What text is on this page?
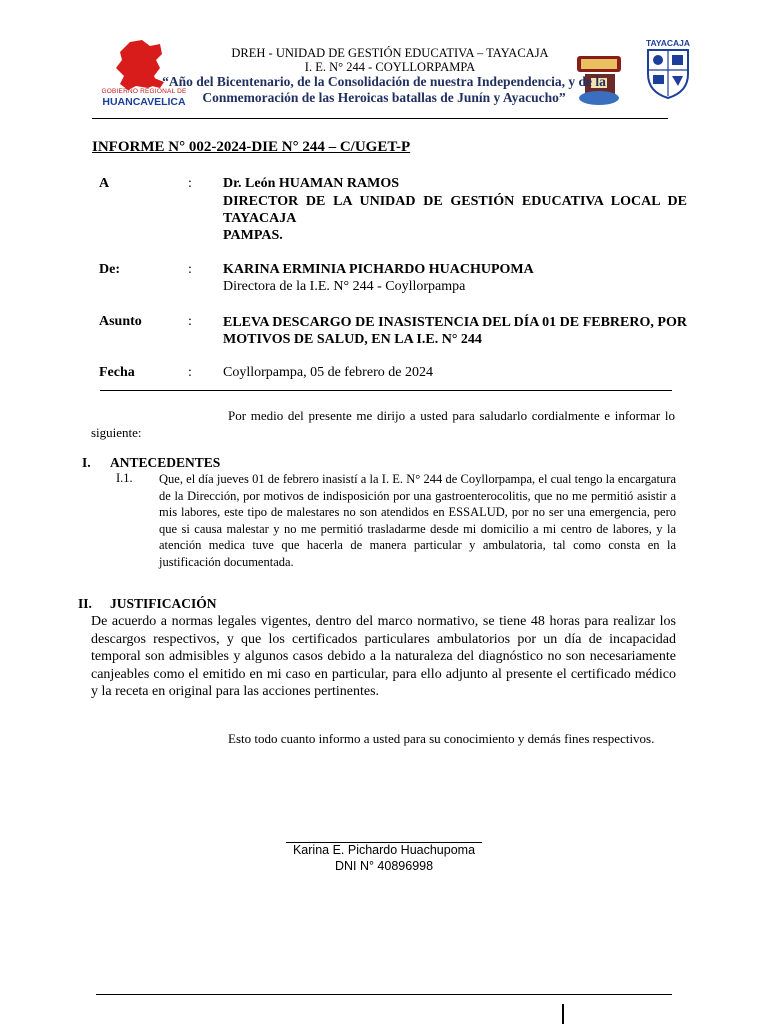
GOBIERNO REGIONAL DE
HUANCAVELICA
TAYACAJA
DREH - UNIDAD DE GESTIÓN EDUCATIVA – TAYACAJA
I. E. N° 244 - COYLLORPAMPA
“Año del Bicentenario, de la Consolidación de nuestra Independencia, y de la
Conmemoración de las Heroicas batallas de Junín y Ayacucho”
INFORME N° 002-2024-DIE N° 244 – C/UGET-P
A	: Dr. León HUAMAN RAMOS
DIRECTOR DE LA UNIDAD DE GESTIÓN EDUCATIVA LOCAL DE TAYACAJA
PAMPAS.
De:	: KARINA ERMINIA PICHARDO HUACHUPOMA
Directora de la I.E. N° 244 - Coyllorpampa
Asunto	: ELEVA DESCARGO DE INASISTENCIA DEL DÍA 01 DE FEBRERO, POR MOTIVOS DE SALUD, EN LA I.E. N° 244
Fecha	: Coyllorpampa, 05 de febrero de 2024
Por medio del presente me dirijo a usted para saludarlo cordialmente e informar lo siguiente:
I. ANTECEDENTES
I.1. Que, el día jueves 01 de febrero inasistí a la I. E. N° 244 de Coyllorpampa, el cual tengo la encargatura de la Dirección, por motivos de indisposición por una gastroenterocolitis, que no me permitió asistir a mis labores, este tipo de malestares no son atendidos en ESSALUD, por no ser una emergencia, pero que si causa malestar y no me permitió trasladarme desde mi domicilio a mi centro de labores, y la atención medica tuve que hacerla de manera particular y ambulatoria, tal como consta en la justificación documentada.
II. JUSTIFICACIÓN
De acuerdo a normas legales vigentes, dentro del marco normativo, se tiene 48 horas para realizar los descargos respectivos, y que los certificados particulares ambulatorios por un día de incapacidad temporal son admisibles y algunos casos debido a la naturaleza del diagnóstico no son necesariamente canjeables como el emitido en mi caso en particular, para ello adjunto al presente el certificado médico y la receta en original para las acciones pertinentes.
Esto todo cuanto informo a usted para su conocimiento y demás fines respectivos.
Karina E. Pichardo Huachupoma
DNI N° 40896998
